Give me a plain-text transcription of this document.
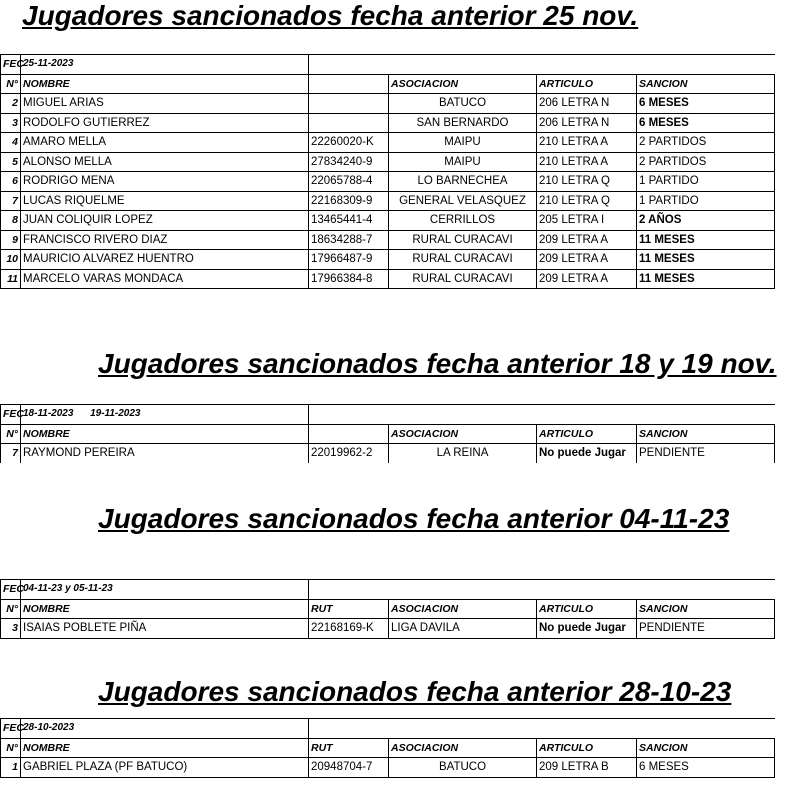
Jugadores sancionados fecha anterior 25 nov.
FEC	25-11-2023				
N°	NOMBRE		ASOCIACION	ARTICULO	SANCION
2	MIGUEL ARIAS		BATUCO	206 LETRA N	6 MESES
3	RODOLFO GUTIERREZ		SAN BERNARDO	206 LETRA N	6 MESES
4	AMARO MELLA	22260020-K	MAIPU	210 LETRA A	2 PARTIDOS
5	ALONSO MELLA	27834240-9	MAIPU	210 LETRA A	2 PARTIDOS
6	RODRIGO MENA	22065788-4	LO BARNECHEA	210 LETRA Q	1 PARTIDO
7	LUCAS RIQUELME	22168309-9	GENERAL VELASQUEZ	210 LETRA Q	1 PARTIDO
8	JUAN COLIQUIR LOPEZ	13465441-4	CERRILLOS	205 LETRA I	2 AÑOS
9	FRANCISCO RIVERO DIAZ	18634288-7	RURAL CURACAVI	209 LETRA A	11 MESES
10	MAURICIO ALVAREZ HUENTRO	17966487-9	RURAL CURACAVI	209 LETRA A	11 MESES
11	MARCELO VARAS MONDACA	17966384-8	RURAL CURACAVI	209 LETRA A	11 MESES
Jugadores sancionados fecha anterior 18 y 19 nov.
FEC	18-11-2023      19-11-2023				
N°	NOMBRE		ASOCIACION	ARTICULO	SANCION
7	RAYMOND PEREIRA	22019962-2	LA REINA	No puede Jugar	PENDIENTE
Jugadores sancionados fecha anterior 04-11-23
FEC	04-11-23 y 05-11-23				
N°	NOMBRE	RUT	ASOCIACION	ARTICULO	SANCION
3	ISAIAS POBLETE PIÑA	22168169-K	LIGA DAVILA	No puede Jugar	PENDIENTE
Jugadores sancionados fecha anterior 28-10-23
FEC	28-10-2023				
N°	NOMBRE	RUT	ASOCIACION	ARTICULO	SANCION
1	GABRIEL PLAZA (PF BATUCO)	20948704-7	BATUCO	209 LETRA B	6 MESES
